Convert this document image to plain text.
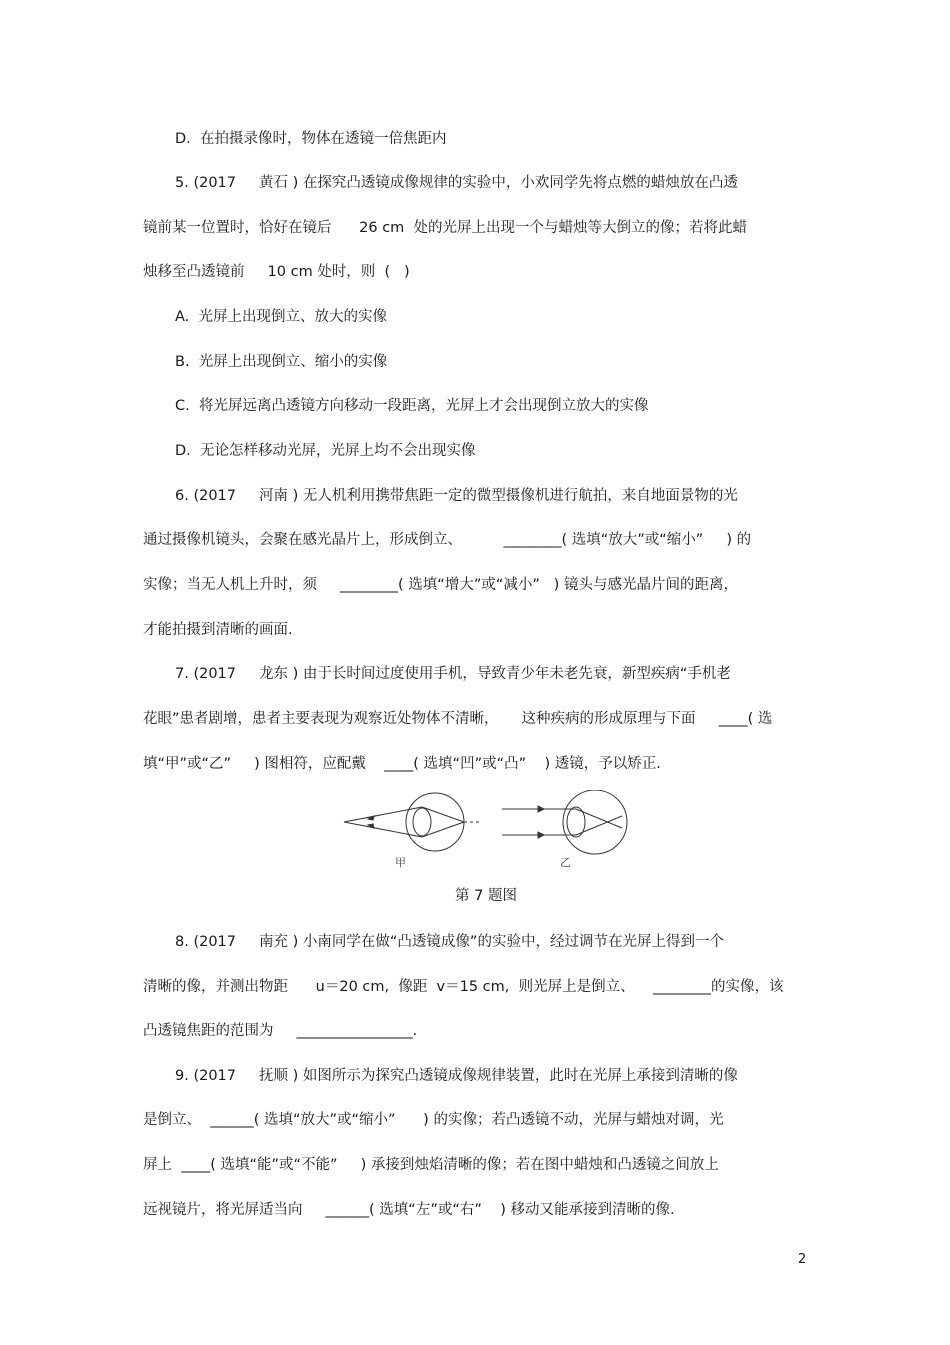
D.  在拍摄录像时，物体在透镜一倍焦距内
5. (2017     黄石 ) 在探究凸透镜成像规律的实验中，小欢同学先将点燃的蜡烛放在凸透
镜前某一位置时，恰好在镜后      26 cm  处的光屏上出现一个与蜡烛等大倒立的像；若将此蜡
烛移至凸透镜前     10 cm 处时，则  (   )
A.  光屏上出现倒立、放大的实像
B.  光屏上出现倒立、缩小的实像
C.  将光屏远离凸透镜方向移动一段距离，光屏上才会出现倒立放大的实像
D.  无论怎样移动光屏，光屏上均不会出现实像
6. (2017     河南 ) 无人机利用携带焦距一定的微型摄像机进行航拍，来自地面景物的光
通过摄像机镜头，会聚在感光晶片上，形成倒立、         ________( 选填“放大”或“缩小”     ) 的
实像；当无人机上升时，须     ________( 选填“增大”或“减小”   ) 镜头与感光晶片间的距离，
才能拍摄到清晰的画面.
7. (2017     龙东 ) 由于长时间过度使用手机，导致青少年未老先衰，新型疾病“手机老
花眼”患者剧增，患者主要表现为观察近处物体不清晰，     这种疾病的形成原理与下面     ____( 选
填“甲”或“乙”     ) 图相符，应配戴    ____( 选填“凹”或“凸”    ) 透镜，予以矫正.
甲	乙
第 7 题图
8. (2017     南充 ) 小南同学在做“凸透镜成像”的实验中，经过调节在光屏上得到一个
清晰的像，并测出物距      u＝20 cm,  像距  v＝15 cm,  则光屏上是倒立、    ________的实像，该
凸透镜焦距的范围为     ________________.
9. (2017     抚顺 ) 如图所示为探究凸透镜成像规律装置，此时在光屏上承接到清晰的像
是倒立、  ______( 选填“放大”或“缩小”      ) 的实像；若凸透镜不动，光屏与蜡烛对调，光
屏上  ____( 选填“能”或“不能”     ) 承接到烛焰清晰的像；若在图中蜡烛和凸透镜之间放上
远视镜片，将光屏适当向     ______( 选填“左”或“右”    ) 移动又能承接到清晰的像.
2
